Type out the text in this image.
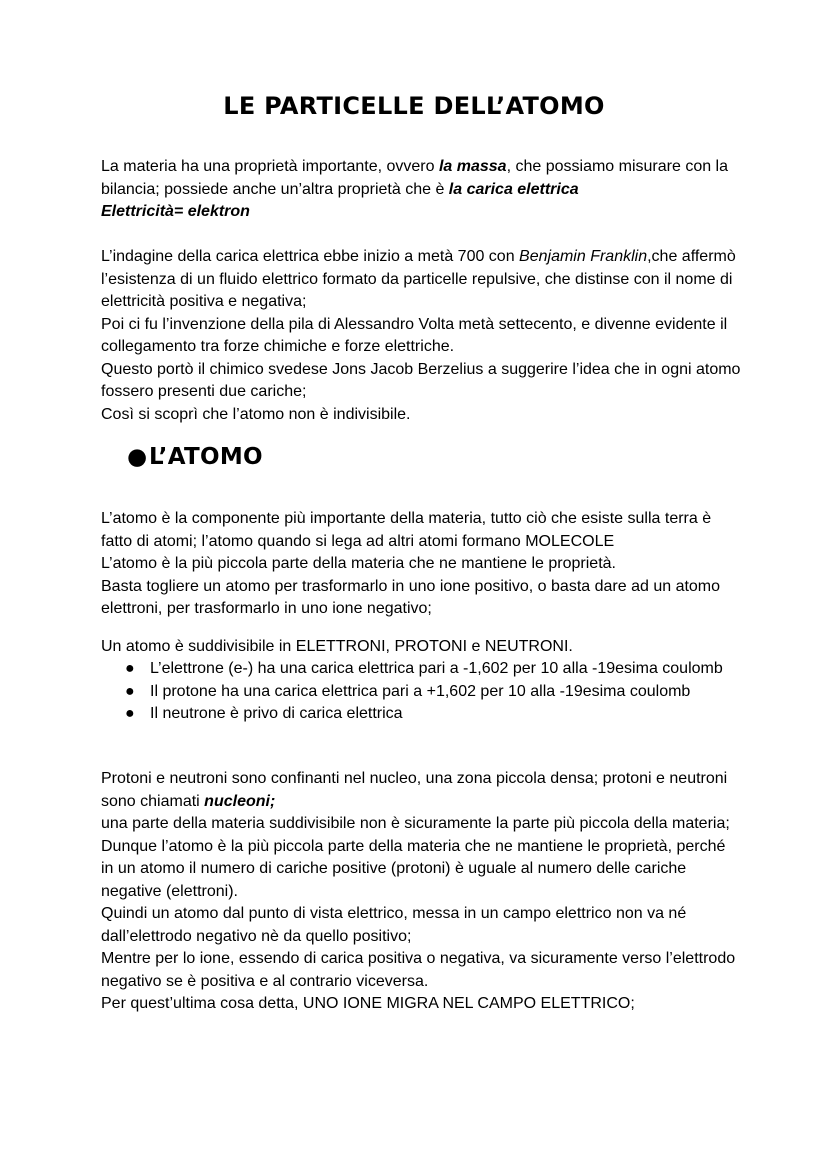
LE PARTICELLE DELL’ATOMO

La materia ha una proprietà importante, ovvero la massa, che possiamo misurare con la bilancia; possiede anche un’altra proprietà che è la carica elettrica
Elettricità= elektron

L’indagine della carica elettrica ebbe inizio a metà 700 con Benjamin Franklin,che affermò l’esistenza di un fluido elettrico formato da particelle repulsive, che distinse con il nome di elettricità positiva e negativa;
Poi ci fu l’invenzione della pila di Alessandro Volta metà settecento, e divenne evidente il collegamento tra forze chimiche e forze elettriche.
Questo portò il chimico svedese Jons Jacob Berzelius a suggerire l’idea che in ogni atomo fossero presenti due cariche;
Così si scoprì che l’atomo non è indivisibile.

●L’ATOMO

L’atomo è la componente più importante della materia, tutto ciò che esiste sulla terra è fatto di atomi; l’atomo quando si lega ad altri atomi formano MOLECOLE
L’atomo è la più piccola parte della materia che ne mantiene le proprietà.
Basta togliere un atomo per trasformarlo in uno ione positivo, o basta dare ad un atomo elettroni, per trasformarlo in uno ione negativo;

Un atomo è suddivisibile in ELETTRONI, PROTONI e NEUTRONI.

● L’elettrone (e-) ha una carica elettrica pari a -1,602 per 10 alla -19esima coulomb
● Il protone ha una carica elettrica pari a +1,602 per 10 alla -19esima coulomb
● Il neutrone è privo di carica elettrica

Protoni e neutroni sono confinanti nel nucleo, una zona piccola densa; protoni e neutroni sono chiamati nucleoni;
una parte della materia suddivisibile non è sicuramente la parte più piccola della materia;
Dunque l’atomo è la più piccola parte della materia che ne mantiene le proprietà, perché in un atomo il numero di cariche positive (protoni) è uguale al numero delle cariche negative (elettroni).
Quindi un atomo dal punto di vista elettrico, messa in un campo elettrico non va né dall’elettrodo negativo nè da quello positivo;
Mentre per lo ione, essendo di carica positiva o negativa, va sicuramente verso l’elettrodo negativo se è positiva e al contrario viceversa.
Per quest’ultima cosa detta, UNO IONE MIGRA NEL CAMPO ELETTRICO;
